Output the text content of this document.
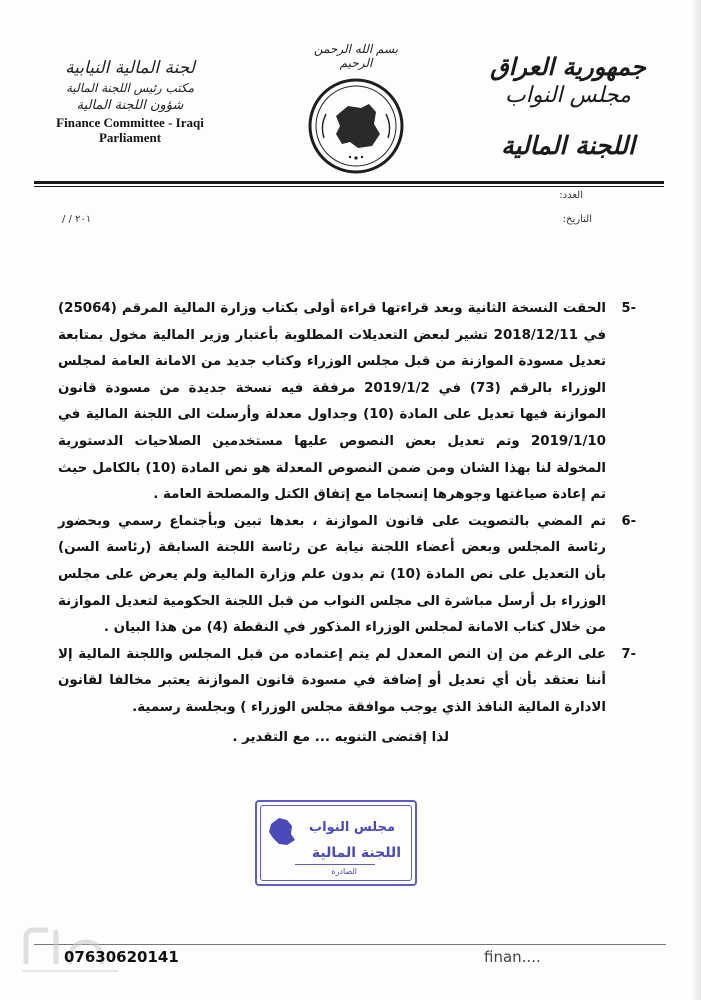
جمهورية العراق
مجلس النواب
اللجنة المالية
بسم الله الرحمن الرحيم
لجنة المالية النيابية
مكتب رئيس اللجنة المالية
شؤون اللجنة المالية
Finance Committee - Iraqi
Parliament
العدد:
التاريخ:
٢٠١ / /

5-
الحقت النسخة الثانية وبعد قراءتها قراءة أولى بكتاب وزارة المالية المرقم (25064) في 2018/12/11 تشير لبعض التعديلات المطلوبة بأعتبار وزير المالية مخول بمتابعة تعديل مسودة الموازنة من قبل مجلس الوزراء وكتاب جديد من الامانة العامة لمجلس الوزراء بالرقم (73) في 2019/1/2 مرفقة فيه نسخة جديدة من مسودة قانون الموازنة فيها تعديل على المادة (10) وجداول معدلة وأرسلت الى اللجنة المالية في 2019/1/10 وتم تعديل بعض النصوص عليها مستخدمين الصلاحيات الدستورية المخولة لنا بهذا الشان ومن ضمن النصوص المعدلة هو نص المادة (10) بالكامل حيث تم إعادة صياغتها وجوهرها إنسجاما مع إتفاق الكتل والمصلحة العامة .

6-
تم المضي بالتصويت على قانون الموازنة ، بعدها تبين وبأجتماع رسمي وبحضور رئاسة المجلس وبعض أعضاء اللجنة نيابة عن رئاسة اللجنة السابقة (رئاسة السن) بأن التعديل على نص المادة (10) تم بدون علم وزارة المالية ولم يعرض على مجلس الوزراء بل أرسل مباشرة الى مجلس النواب من قبل اللجنة الحكومية لتعديل الموازنة من خلال كتاب الامانة لمجلس الوزراء المذكور في النقطة (4) من هذا البيان .

7-
على الرغم من إن النص المعدل لم يتم إعتماده من قبل المجلس واللجنة المالية إلا أننا نعتقد بأن أي تعديل أو إضافة في مسودة قانون الموازنة يعتبر مخالفا لقانون الادارة المالية النافذ الذي يوجب موافقة مجلس الوزراء ) وبجلسة رسمية.

لذا إقتضى التنويه ... مع التقدير .
مجلس النواب
اللجنة المالية
الصادرة
07630620141	finan....
